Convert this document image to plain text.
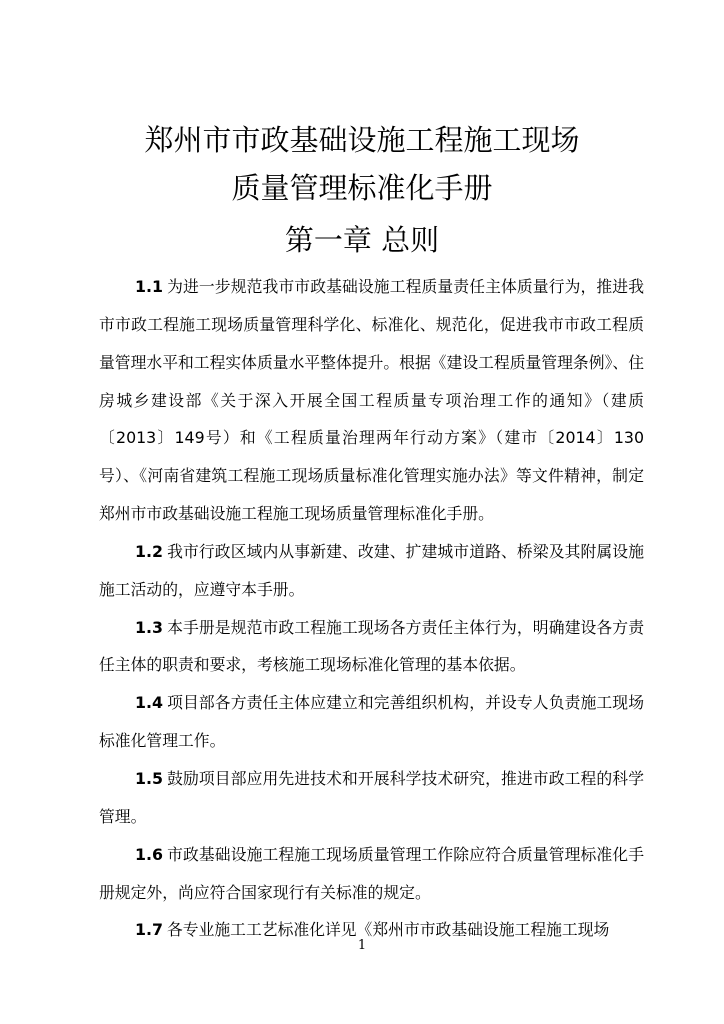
郑州市市政基础设施工程施工现场
质量管理标准化手册
第一章 总则

1.1 为进一步规范我市市政基础设施工程质量责任主体质量行为，推进我市市政工程施工现场质量管理科学化、标准化、规范化，促进我市市政工程质量管理水平和工程实体质量水平整体提升。根据《建设工程质量管理条例》、住房城乡建设部《关于深入开展全国工程质量专项治理工作的通知》（建质〔2013〕149号）和《工程质量治理两年行动方案》（建市〔2014〕130号）、《河南省建筑工程施工现场质量标准化管理实施办法》等文件精神，制定郑州市市政基础设施工程施工现场质量管理标准化手册。

1.2 我市行政区域内从事新建、改建、扩建城市道路、桥梁及其附属设施施工活动的，应遵守本手册。

1.3 本手册是规范市政工程施工现场各方责任主体行为，明确建设各方责任主体的职责和要求，考核施工现场标准化管理的基本依据。

1.4 项目部各方责任主体应建立和完善组织机构，并设专人负责施工现场标准化管理工作。

1.5 鼓励项目部应用先进技术和开展科学技术研究，推进市政工程的科学管理。

1.6 市政基础设施工程施工现场质量管理工作除应符合质量管理标准化手册规定外，尚应符合国家现行有关标准的规定。

1.7 各专业施工工艺标准化详见《郑州市市政基础设施工程施工现场

1
